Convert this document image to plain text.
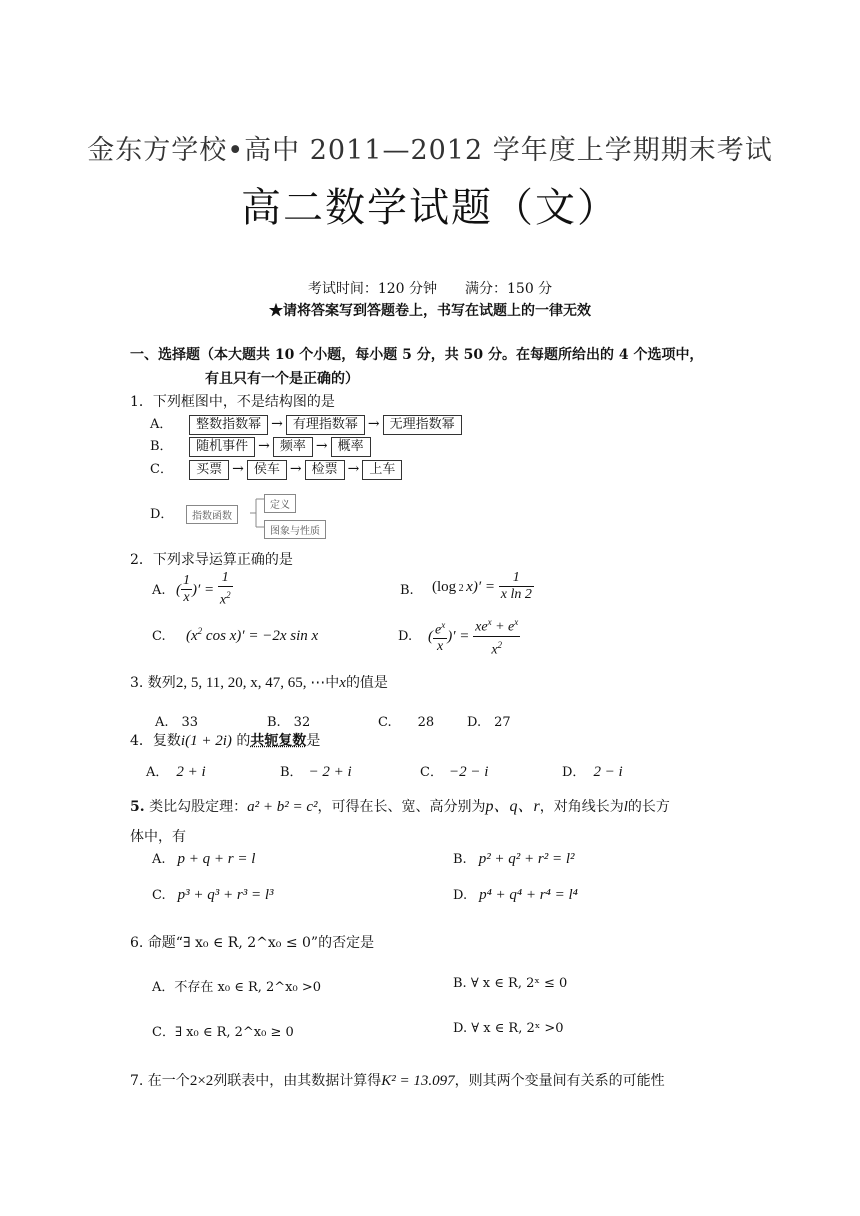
金东方学校•高中 2011—2012 学年度上学期期末考试
高二数学试题（文）
考试时间：120 分钟　　满分：150 分
★请将答案写到答题卷上，书写在试题上的一律无效
一、选择题（本大题共 10 个小题，每小题 5 分，共 50 分。在每题所给出的 4 个选项中，
有且只有一个是正确的）
1．下列框图中，不是结构图的是
A． 整数指数幂 → 有理指数幂 → 无理指数幂
B． 随机事件 → 频率 → 概率
C． 买票 → 侯车 → 检票 → 上车
D．	指数函数
定义
图象与性质
2．下列求导运算正确的是
A. ( $\frac{1}{x}$ )′ = $\frac{1}{x^2}$	B. (log 2 $x)' = \frac{1}{\text{x ln 2}}$
C. ($x^2$ cos x)′ = −2x sin x	D. ( $\frac{e^x}{x}$ )′ = $\frac{xe^x + e^x}{x^2}$
3. 数列2, 5, 11, 20, x, 47, 65, ⋯中x的值是
A.　33	B.　32	C.　　28	D.　27
4．复数i(1 + 2i) 的共轭复数是
A． 2 + i	B． − 2 + i	C． −2 − i	D． 2 − i
5. 类比勾股定理：a² + b² = c²，可得在长、宽、高分别为p、q、r，对角线长为l的长方
体中，有
A. p + q + r = l	B. p² + q² + r² = l²
C. p³ + q³ + r³ = l³	D. p⁴ + q⁴ + r⁴ = l⁴
6. 命题“∃ x₀ ∈ R, 2^x₀ ≤ 0”的否定是
A．不存在 x₀ ∈ R, 2^x₀ >0	B. ∀ x ∈ R, 2ˣ ≤ 0
C．∃ x₀ ∈ R, 2^x₀ ≥ 0	D. ∀ x ∈ R, 2ˣ >0
7. 在一个2×2列联表中，由其数据计算得K² = 13.097，则其两个变量间有关系的可能性
